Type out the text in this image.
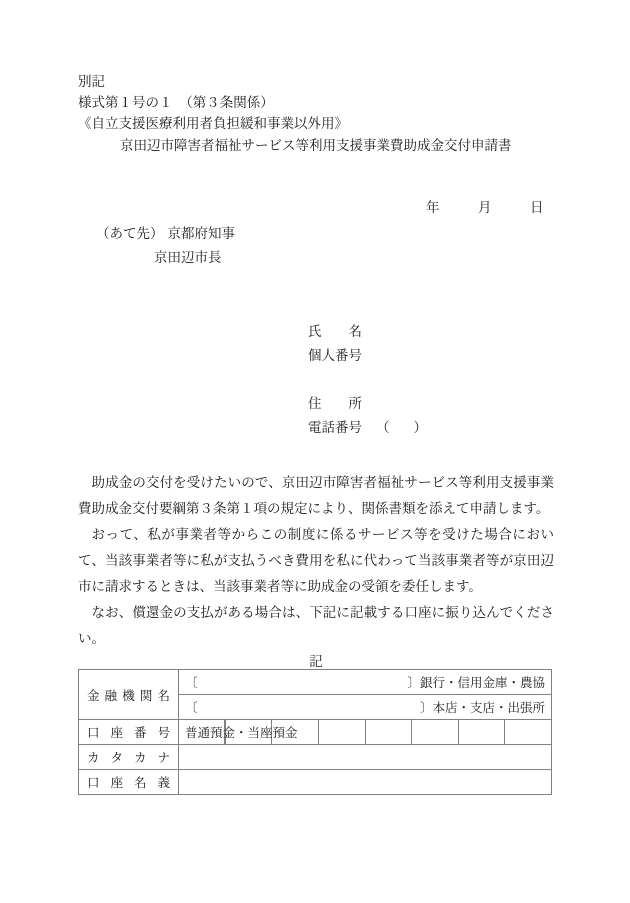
別記
様式第１号の１　（第３条関係）
《自立支援医療利用者負担緩和事業以外用》
京田辺市障害者福祉サービス等利用支援事業費助成金交付申請書
年	月	日
（あて先） 京都府知事
京田辺市長
氏名
個人番号
住所
電話番号 （ ）

助成金の交付を受けたいので、京田辺市障害者福祉サービス等利用支援事業費助成金交付要綱第３条第１項の規定により、関係書類を添えて申請します。

おって、私が事業者等からこの制度に係るサービス等を受けた場合において、当該事業者等に私が支払うべき費用を私に代わって当該事業者等が京田辺市に請求するときは、当該事業者等に助成金の受領を委任します。

なお、償還金の支払がある場合は、下記に記載する口座に振り込んでください。

記
金融機関名	〔 〕銀行・信用金庫・農協							

	〔 〕本店・支店・出張所							

口座番号	普通預金・当座預金							

カタカナ								

口座名義								
